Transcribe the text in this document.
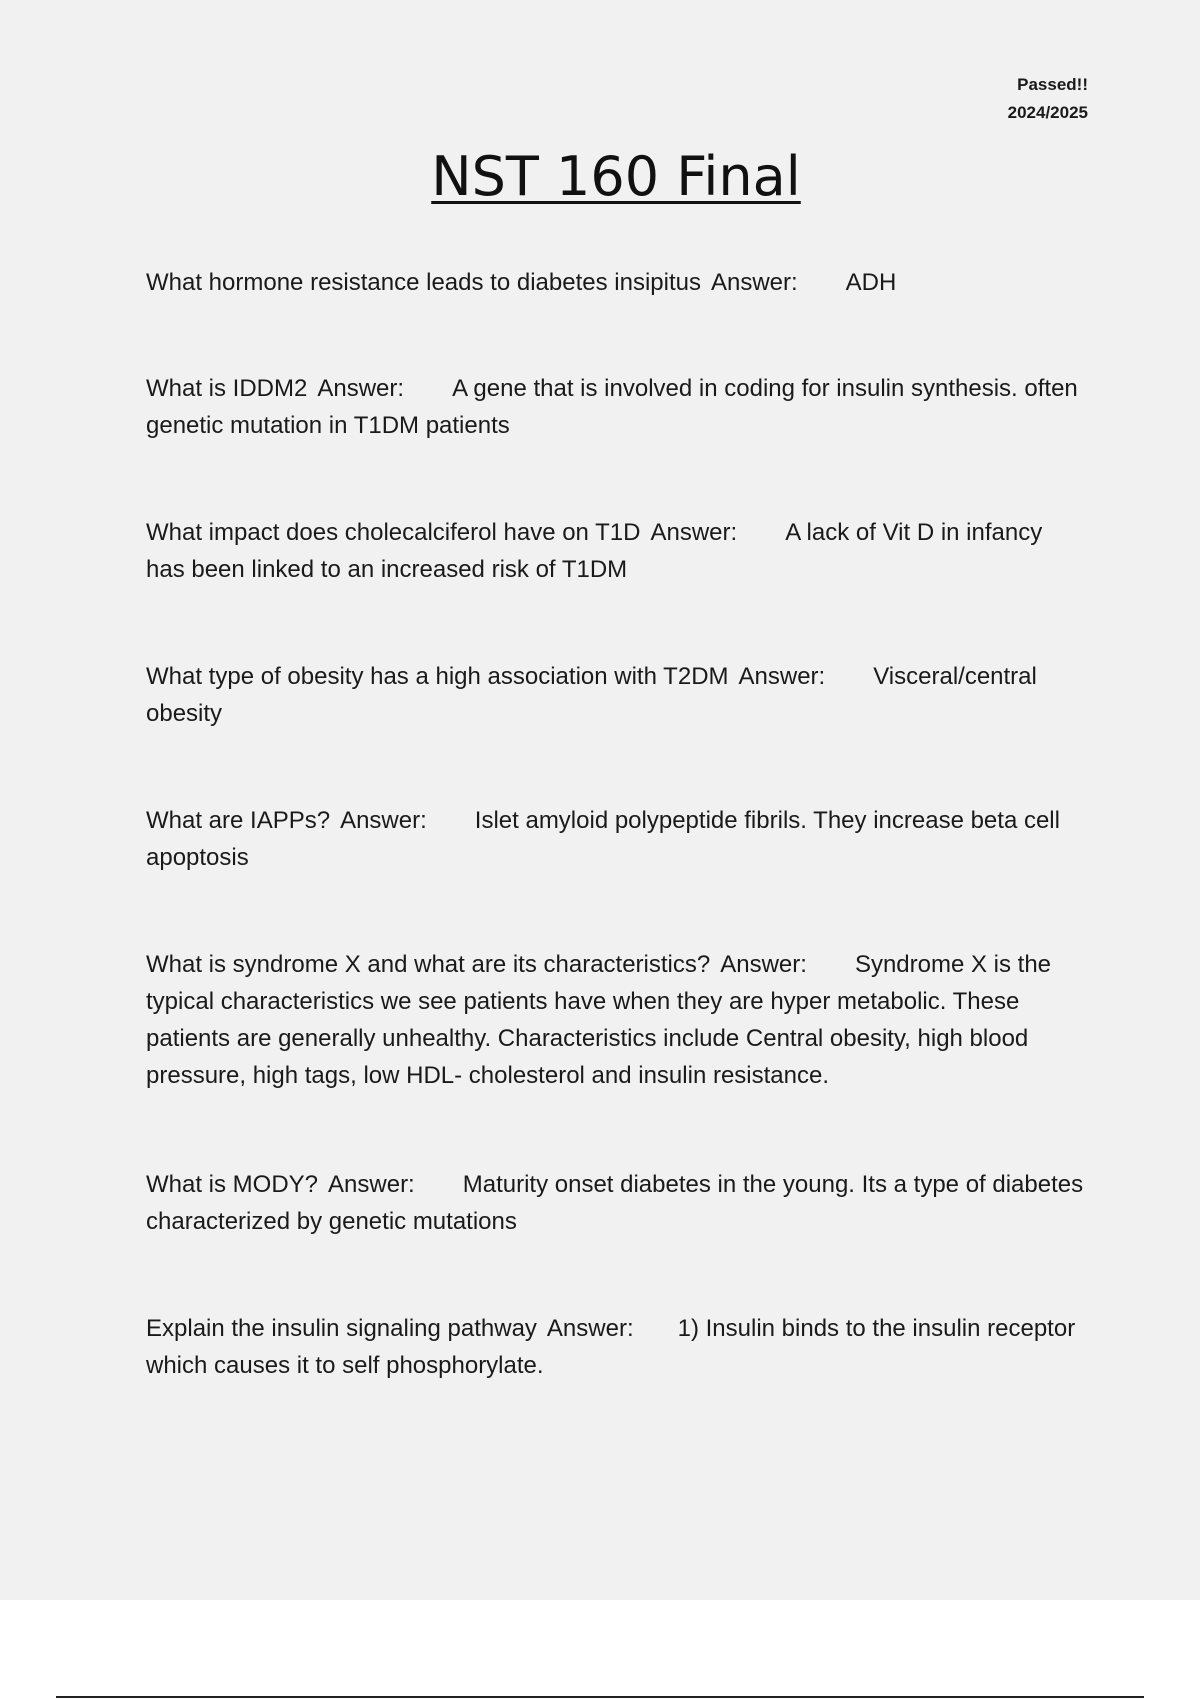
Passed!!
2024/2025
NST 160 Final

What hormone resistance leads to diabetes insipitus Answer: ADH

What is IDDM2 Answer: A gene that is involved in coding for insulin synthesis. often genetic mutation in T1DM patients

What impact does cholecalciferol have on T1D Answer: A lack of Vit D in infancy has been linked to an increased risk of T1DM

What type of obesity has a high association with T2DM Answer: Visceral/central obesity

What are IAPPs? Answer: Islet amyloid polypeptide fibrils. They increase beta cell apoptosis

What is syndrome X and what are its characteristics? Answer: Syndrome X is the typical characteristics we see patients have when they are hyper metabolic. These patients are generally unhealthy. Characteristics include Central obesity, high blood pressure, high tags, low HDL- cholesterol and insulin resistance.

What is MODY? Answer: Maturity onset diabetes in the young. Its a type of diabetes characterized by genetic mutations

Explain the insulin signaling pathway Answer: 1) Insulin binds to the insulin receptor which causes it to self phosphorylate.
